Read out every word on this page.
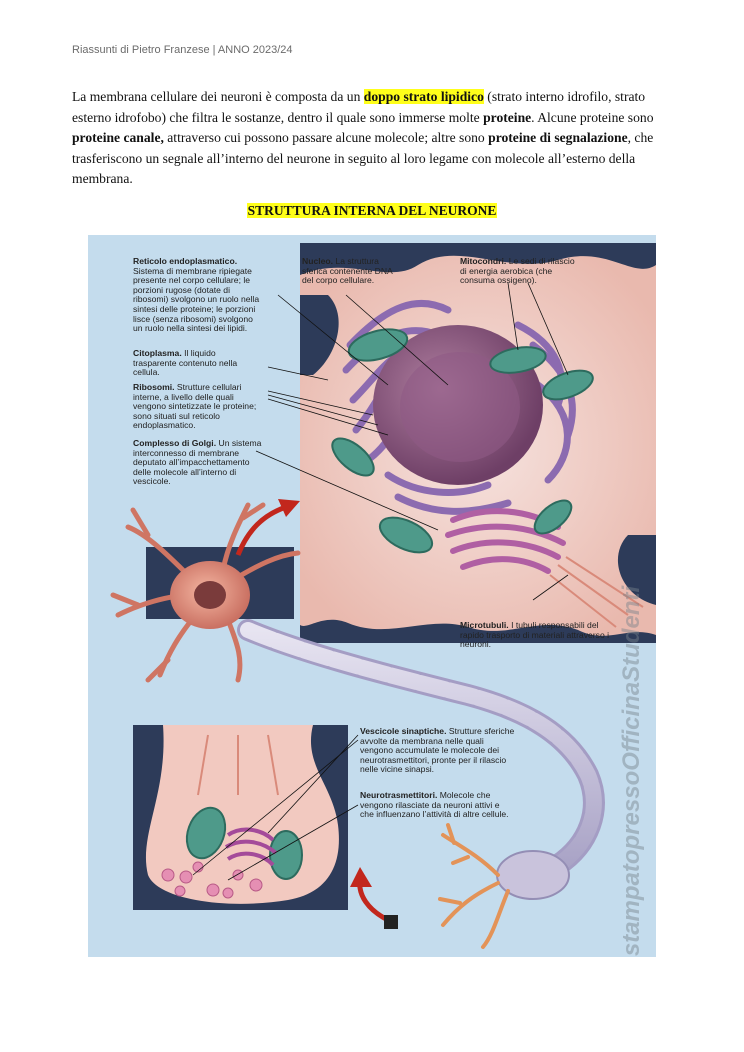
Riassunti di Pietro Franzese | ANNO 2023/24
La membrana cellulare dei neuroni è composta da un doppo strato lipidico (strato interno idrofilo, strato esterno idrofobo) che filtra le sostanze, dentro il quale sono immerse molte proteine. Alcune proteine sono proteine canale, attraverso cui possono passare alcune molecole; altre sono proteine di segnalazione, che trasferiscono un segnale all’interno del neurone in seguito al loro legame con molecole all’esterno della membrana.
STRUTTURA INTERNA DEL NEURONE
Reticolo endoplasmatico. Sistema di membrane ripiegate presente nel corpo cellulare; le porzioni rugose (dotate di ribosomi) svolgono un ruolo nella sintesi delle proteine; le porzioni lisce (senza ribosomi) svolgono un ruolo nella sintesi dei lipidi.
Citoplasma. Il liquido trasparente contenuto nella cellula.
Ribosomi. Strutture cellulari interne, a livello delle quali vengono sintetizzate le proteine; sono situati sul reticolo endoplasmatico.
Complesso di Golgi. Un sistema interconnesso di membrane deputato all’impacchettamento delle molecole all’interno di vescicole.
Nucleo. La struttura sferica contenente DNA del corpo cellulare.
Mitocondri. Le sedi di rilascio di energia aerobica (che consuma ossigeno).
Microtubuli. I tubuli responsabili del rapido trasporto di materiali attraverso i neuroni.
Vescicole sinaptiche. Strutture sferiche avvolte da membrana nelle quali vengono accumulate le molecole dei neurotrasmettitori, pronte per il rilascio nelle vicine sinapsi.
Neurotrasmettitori. Molecole che vengono rilasciate da neuroni attivi e che influenzano l’attività di altre cellule.	stampatopressoOfficinaStudenti
